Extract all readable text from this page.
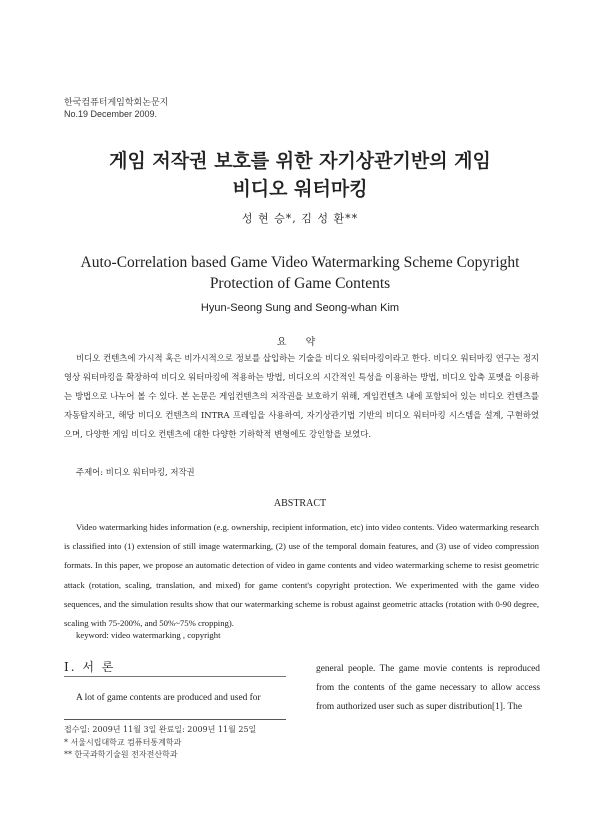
한국컴퓨터게임학회논문지
No.19 December 2009.
게임 저작권 보호를 위한 자기상관기반의 게임
비디오 워터마킹
성 현 승*, 김 성 환**
Auto-Correlation based Game Video Watermarking Scheme Copyright
Protection of Game Contents
Hyun-Seong Sung and Seong-whan Kim
요 약
비디오 컨텐츠에 가시적 혹은 비가시적으로 정보를 삽입하는 기술을 비디오 워터마킹이라고 한다. 비디오 워터마킹 연구는 정지영상 워터마킹을 확장하여 비디오 워터마킹에 적용하는 방법, 비디오의 시간적인 특성을 이용하는 방법, 비디오 압축 포멧을 이용하는 방법으로 나누어 볼 수 있다. 본 논문은 게임컨텐츠의 저작권을 보호하기 위해, 게임컨텐츠 내에 포함되어 있는 비디오 컨텐츠를 자동탐지하고, 해당 비디오 컨텐츠의 INTRA 프레임을 사용하여, 자기상관기법 기반의 비디오 워터마킹 시스템을 설계, 구현하였으며, 다양한 게임 비디오 컨텐츠에 대한 다양한 기하학적 변형에도 강인함을 보였다.
주제어: 비디오 워터마킹, 저작권
ABSTRACT
Video watermarking hides information (e.g. ownership, recipient information, etc) into video contents. Video watermarking research is classified into (1) extension of still image watermarking, (2) use of the temporal domain features, and (3) use of video compression formats. In this paper, we propose an automatic detection of video in game contents and video watermarking scheme to resist geometric attack (rotation, scaling, translation, and mixed) for game content's copyright protection. We experimented with the game video sequences, and the simulation results show that our watermarking scheme is robust against geometric attacks (rotation with 0-90 degree, scaling with 75-200%, and 50%~75% cropping).
keyword: video watermarking , copyright
Ⅰ. 서 론
A lot of game contents are produced and used for
general people. The game movie contents is reproduced from the contents of the game necessary to allow access from authorized user such as super distribution[1]. The
접수일: 2009년 11월 3일 완료일: 2009년 11월 25일
* 서울시립대학교 컴퓨터통계학과
** 한국과학기술원 전자전산학과
